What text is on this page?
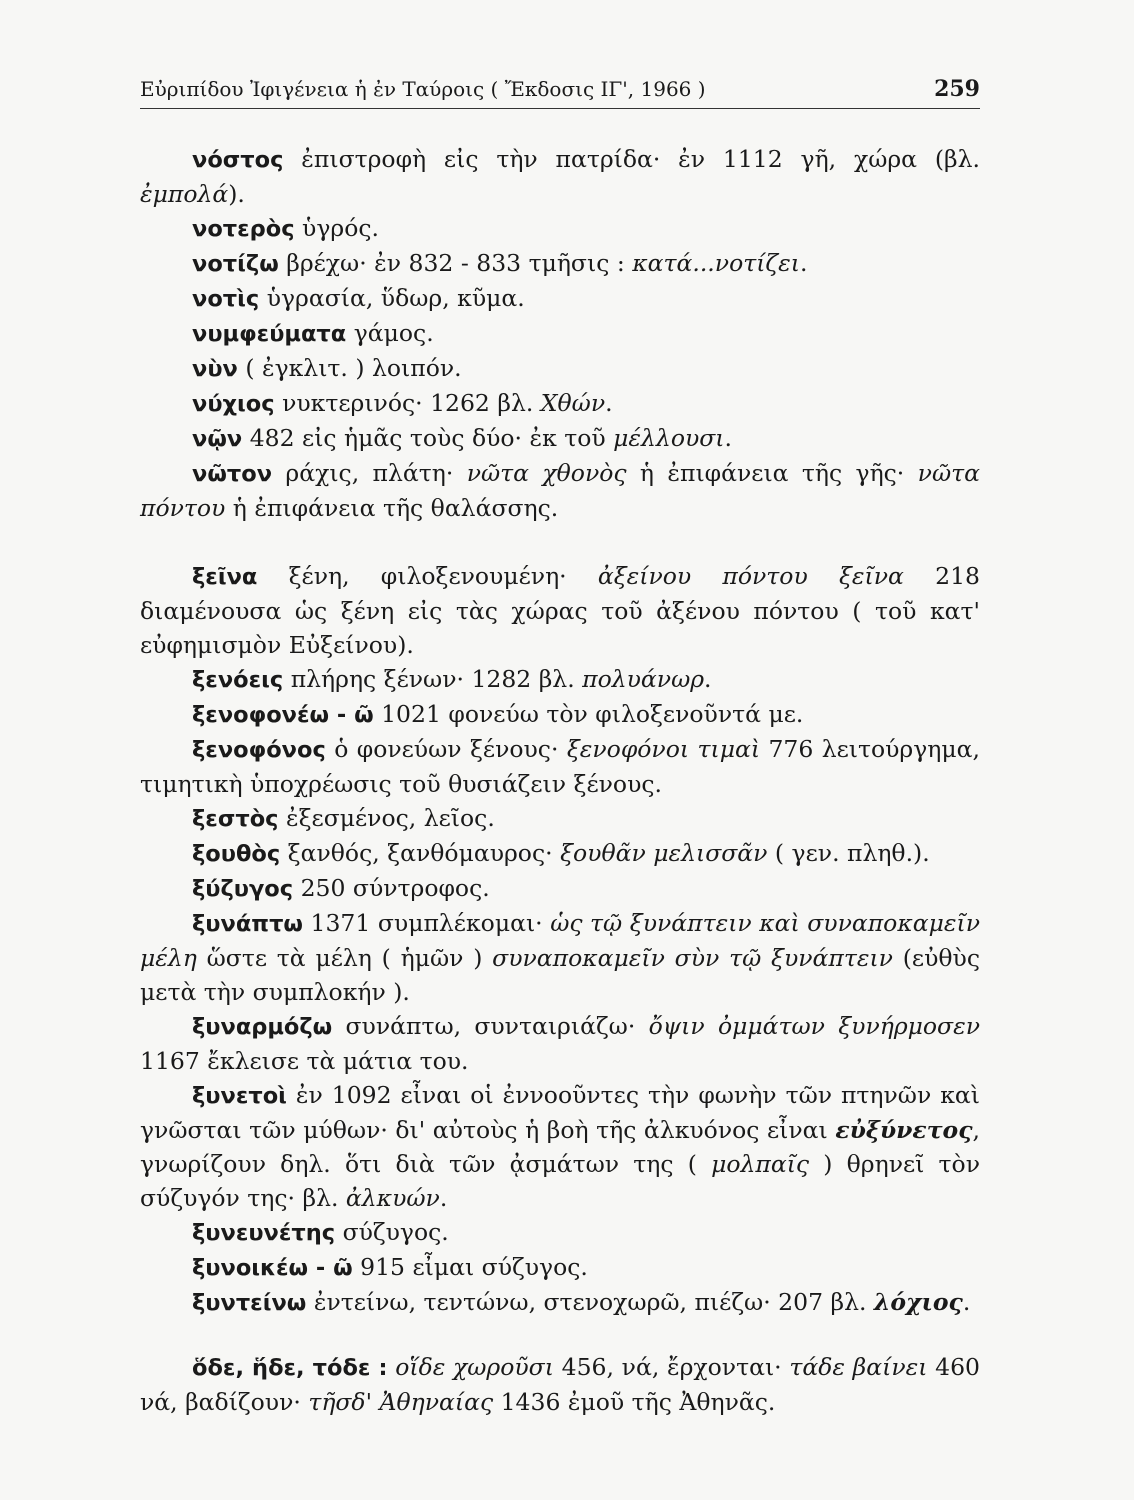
Εὐριπίδου Ἰφιγένεια ἡ ἐν Ταύροις ( Ἔκδοσις ΙΓ', 1966 )	259

νόστος ἐπιστροφὴ εἰς τὴν πατρίδα· ἐν 1112 γῆ, χώρα (βλ. ἐμπολά).

νοτερὸς ὑγρός.

νοτίζω βρέχω· ἐν 832 - 833 τμῆσις : κατά...νοτίζει.

νοτὶς ὑγρασία, ὕδωρ, κῦμα.

νυμφεύματα γάμος.

νὺν ( ἐγκλιτ. ) λοιπόν.

νύχιος νυκτερινός· 1262 βλ. Χθών.

νῷν 482 εἰς ἡμᾶς τοὺς δύο· ἐκ τοῦ μέλλουσι.

νῶτον ράχις, πλάτη· νῶτα χθονὸς ἡ ἐπιφάνεια τῆς γῆς· νῶτα πόντου ἡ ἐπιφάνεια τῆς θαλάσσης.

ξεῖνα ξένη, φιλοξενουμένη· ἀξείνου πόντου ξεῖνα 218 διαμένουσα ὡς ξένη εἰς τὰς χώρας τοῦ ἀξένου πόντου ( τοῦ κατ' εὐφημισμὸν Εὐξείνου).

ξενόεις πλήρης ξένων· 1282 βλ. πολυάνωρ.

ξενοφονέω - ῶ 1021 φονεύω τὸν φιλοξενοῦντά με.

ξενοφόνος ὁ φονεύων ξένους· ξενοφόνοι τιμαὶ 776 λειτούργημα, τιμητικὴ ὑποχρέωσις τοῦ θυσιάζειν ξένους.

ξεστὸς ἐξεσμένος, λεῖος.

ξουθὸς ξανθός, ξανθόμαυρος· ξουθᾶν μελισσᾶν ( γεν. πληθ.).

ξύζυγος 250 σύντροφος.

ξυνάπτω 1371 συμπλέκομαι· ὡς τῷ ξυνάπτειν καὶ συναποκαμεῖν μέλη ὥστε τὰ μέλη ( ἡμῶν ) συναποκαμεῖν σὺν τῷ ξυνάπτειν (εὐθὺς μετὰ τὴν συμπλοκήν ).

ξυναρμόζω συνάπτω, συνταιριάζω· ὄψιν ὀμμάτων ξυνήρμοσεν 1167 ἔκλεισε τὰ μάτια του.

ξυνετοὶ ἐν 1092 εἶναι οἱ ἐννοοῦντες τὴν φωνὴν τῶν πτηνῶν καὶ γνῶσται τῶν μύθων· δι' αὐτοὺς ἡ βοὴ τῆς ἀλκυόνος εἶναι εὐξύνετος, γνωρίζουν δηλ. ὅτι διὰ τῶν ᾀσμάτων της ( μολπαῖς ) θρηνεῖ τὸν σύζυγόν της· βλ. ἀλκυών.

ξυνευνέτης σύζυγος.

ξυνοικέω - ῶ 915 εἶμαι σύζυγος.

ξυντείνω ἐντείνω, τεντώνω, στενοχωρῶ, πιέζω· 207 βλ. λόχιος.

ὅδε, ἥδε, τόδε : οἵδε χωροῦσι 456, νά, ἔρχονται· τάδε βαίνει 460 νά, βαδίζουν· τῆσδ' Ἀθηναίας 1436 ἐμοῦ τῆς Ἀθηνᾶς.
